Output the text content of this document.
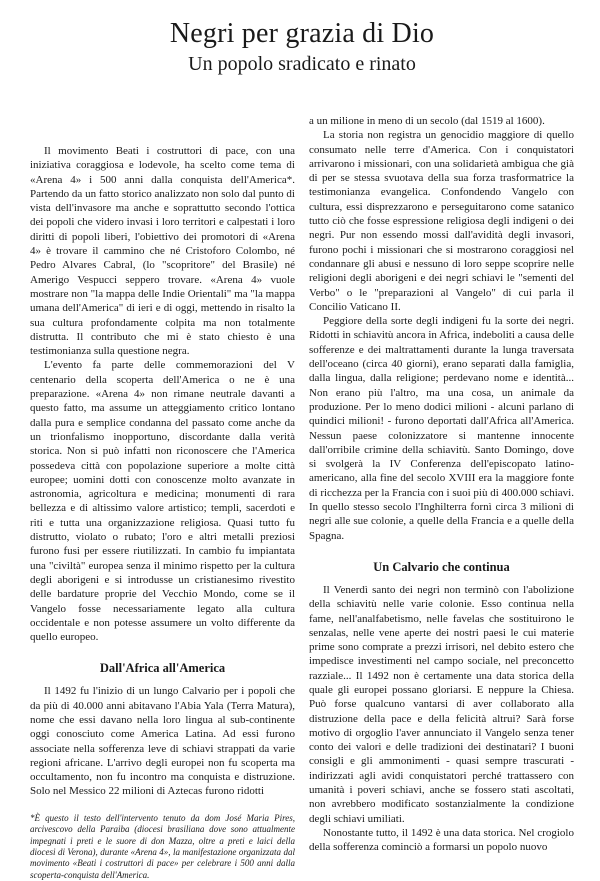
Negri per grazia di Dio
Un popolo sradicato e rinato

Il movimento Beati i costruttori di pace, con una iniziativa coraggiosa e lodevole, ha scelto come tema di «Arena 4» i 500 anni dalla conquista dell'America*. Partendo da un fatto storico analizzato non solo dal punto di vista dell'invasore ma anche e soprattutto secondo l'ottica dei popoli che videro invasi i loro territori e calpestati i loro diritti di popoli liberi, l'obiettivo dei promotori di «Arena 4» è trovare il cammino che né Cristoforo Colombo, né Pedro Alvares Cabral, (lo "scopritore" del Brasile) né Amerigo Vespucci seppero trovare. «Arena 4» vuole mostrare non "la mappa delle Indie Orientali" ma "la mappa umana dell'America" di ieri e di oggi, mettendo in risalto la sua cultura profondamente colpita ma non totalmente distrutta. Il contributo che mi è stato chiesto è una testimonianza sulla questione negra.

L'evento fa parte delle commemorazioni del V centenario della scoperta dell'America o ne è una preparazione. «Arena 4» non rimane neutrale davanti a questo fatto, ma assume un atteggiamento critico lontano dalla pura e semplice condanna del passato come anche da un trionfalismo inopportuno, discordante dalla verità storica. Non si può infatti non riconoscere che l'America possedeva città con popolazione superiore a molte città europee; uomini dotti con conoscenze molto avanzate in astronomia, agricoltura e medicina; monumenti di rara bellezza e di altissimo valore artistico; templi, sacerdoti e riti e tutta una organizzazione religiosa. Quasi tutto fu distrutto, violato o rubato; l'oro e altri metalli preziosi furono fusi per essere riutilizzati. In cambio fu impiantata una "civiltà" europea senza il minimo rispetto per la cultura degli aborigeni e si introdusse un cristianesimo rivestito delle bardature proprie del Vecchio Mondo, come se il Vangelo fosse necessariamente legato alla cultura occidentale e non potesse assumere un volto differente da quello europeo.

Dall'Africa all'America

Il 1492 fu l'inizio di un lungo Calvario per i popoli che da più di 40.000 anni abitavano l'Abia Yala (Terra Matura), nome che essi davano nella loro lingua al sub-continente oggi conosciuto come America Latina. Ad essi furono associate nella sofferenza leve di schiavi strappati da varie regioni africane. L'arrivo degli europei non fu scoperta ma occultamento, non fu incontro ma conquista e distruzione. Solo nel Messico 22 milioni di Aztecas furono ridotti

*È questo il testo dell'intervento tenuto da dom José Maria Pires, arcivescovo della Paraiba (diocesi brasiliana dove sono attualmente impegnati i preti e le suore di don Mazza, oltre a preti e laici della diocesi di Verona), durante «Arena 4», la manifestazione organizzata dal movimento «Beati i costruttori di pace» per celebrare i 500 anni dalla scoperta-conquista dell'America.

a un milione in meno di un secolo (dal 1519 al 1600).

La storia non registra un genocidio maggiore di quello consumato nelle terre d'America. Con i conquistatori arrivarono i missionari, con una solidarietà ambigua che già di per se stessa svuotava della sua forza trasformatrice la testimonianza evangelica. Confondendo Vangelo con cultura, essi disprezzarono e perseguitarono come satanico tutto ciò che fosse espressione religiosa degli indigeni o dei negri. Pur non essendo mossi dall'avidità degli invasori, furono pochi i missionari che si mostrarono coraggiosi nel condannare gli abusi e nessuno di loro seppe scoprire nelle religioni degli aborigeni e dei negri schiavi le "sementi del Verbo" o le "preparazioni al Vangelo" di cui parla il Concilio Vaticano II.

Peggiore della sorte degli indigeni fu la sorte dei negri. Ridotti in schiavitù ancora in Africa, indeboliti a causa delle sofferenze e dei maltrattamenti durante la lunga traversata dell'oceano (circa 40 giorni), erano separati dalla famiglia, dalla lingua, dalla religione; perdevano nome e identità... Non erano più l'altro, ma una cosa, un animale da produzione. Per lo meno dodici milioni - alcuni parlano di quindici milioni! - furono deportati dall'Africa all'America. Nessun paese colonizzatore si mantenne innocente dall'orribile crimine della schiavitù. Santo Domingo, dove si svolgerà la IV Conferenza dell'episcopato latino-americano, alla fine del secolo XVIII era la maggiore fonte di ricchezza per la Francia con i suoi più di 400.000 schiavi. In quello stesso secolo l'Inghilterra fornì circa 3 milioni di negri alle sue colonie, a quelle della Francia e a quelle della Spagna.

Un Calvario che continua

Il Venerdì santo dei negri non terminò con l'abolizione della schiavitù nelle varie colonie. Esso continua nella fame, nell'analfabetismo, nelle favelas che sostituirono le senzalas, nelle vene aperte dei nostri paesi le cui materie prime sono comprate a prezzi irrisori, nel debito estero che impedisce investimenti nel campo sociale, nel preconcetto razziale... Il 1492 non è certamente una data storica della quale gli europei possano gloriarsi. E neppure la Chiesa. Può forse qualcuno vantarsi di aver collaborato alla distruzione della pace e della felicità altrui? Sarà forse motivo di orgoglio l'aver annunciato il Vangelo senza tener conto dei valori e delle tradizioni dei destinatari? I buoni consigli e gli ammonimenti - quasi sempre trascurati - indirizzati agli avidi conquistatori perché trattassero con umanità i poveri schiavi, anche se fossero stati ascoltati, non avrebbero modificato sostanzialmente la condizione degli schiavi umiliati.

Nonostante tutto, il 1492 è una data storica. Nel crogiolo della sofferenza cominciò a formarsi un popolo nuovo
